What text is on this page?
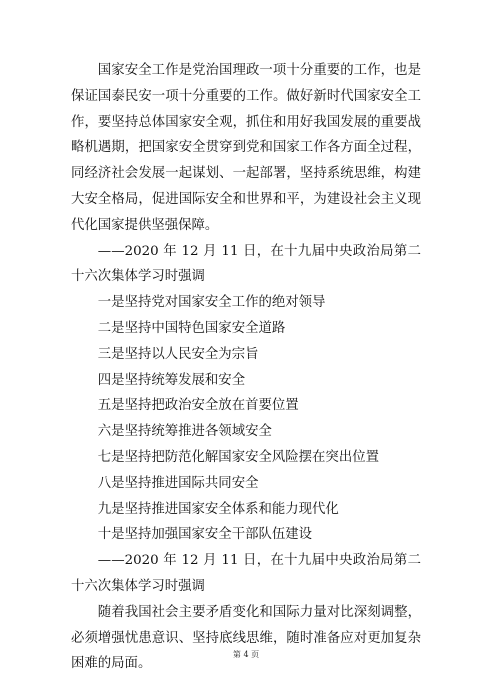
国家安全工作是党治国理政一项十分重要的工作，也是保证国泰民安一项十分重要的工作。做好新时代国家安全工作，要坚持总体国家安全观，抓住和用好我国发展的重要战略机遇期，把国家安全贯穿到党和国家工作各方面全过程，同经济社会发展一起谋划、一起部署，坚持系统思维，构建大安全格局，促进国际安全和世界和平，为建设社会主义现代化国家提供坚强保障。

——2020 年 12 月 11 日，在十九届中央政治局第二十六次集体学习时强调

一是坚持党对国家安全工作的绝对领导
二是坚持中国特色国家安全道路
三是坚持以人民安全为宗旨
四是坚持统筹发展和安全
五是坚持把政治安全放在首要位置
六是坚持统筹推进各领域安全
七是坚持把防范化解国家安全风险摆在突出位置
八是坚持推进国际共同安全
九是坚持推进国家安全体系和能力现代化
十是坚持加强国家安全干部队伍建设

——2020 年 12 月 11 日，在十九届中央政治局第二十六次集体学习时强调

随着我国社会主要矛盾变化和国际力量对比深刻调整，必须增强忧患意识、坚持底线思维，随时准备应对更加复杂困难的局面。

第 4 页
